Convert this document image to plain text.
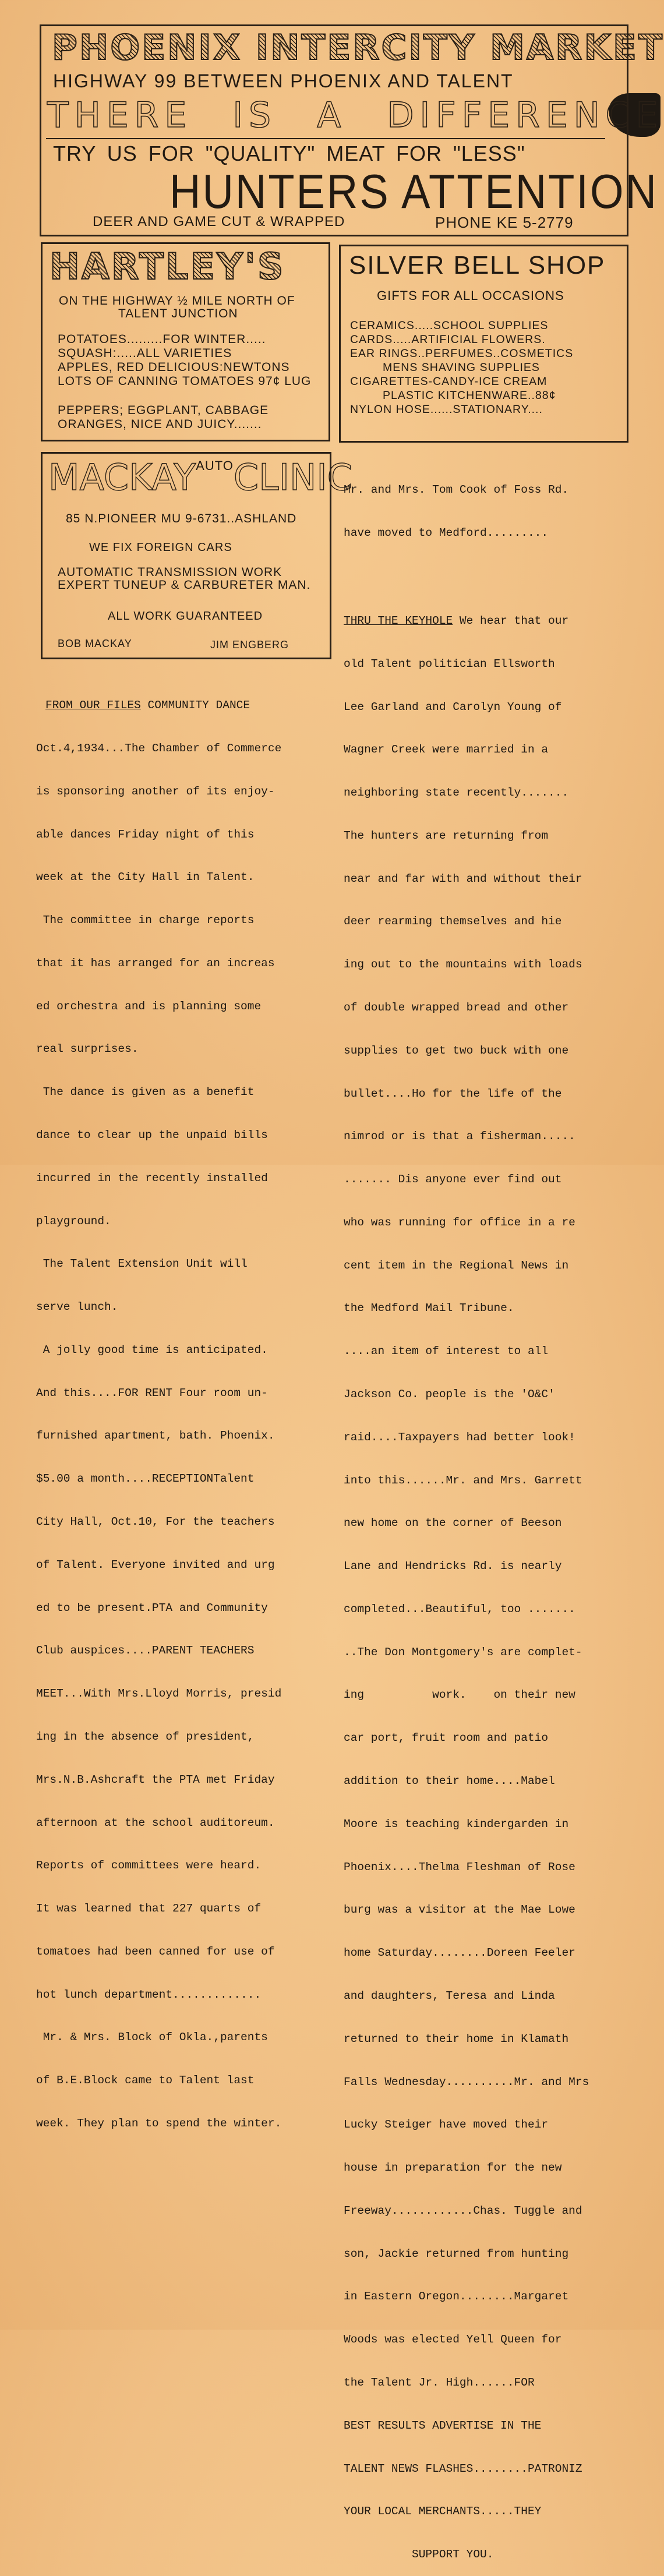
PHOENIX INTERCITY MARKET
HIGHWAY 99 BETWEEN PHOENIX AND TALENT
THERE IS A DIFFERENCE
TRY US FOR "QUALITY" MEAT FOR "LESS"
HUNTERS ATTENTION
DEER AND GAME CUT & WRAPPED	PHONE KE 5-2779
HARTLEY'S
ON THE HIGHWAY ½ MILE NORTH OF
TALENT JUNCTION
POTATOES.........FOR WINTER.....
SQUASH:.....ALL VARIETIES
APPLES, RED DELICIOUS:NEWTONS
LOTS OF CANNING TOMATOES 97¢ LUG
PEPPERS; EGGPLANT, CABBAGE
ORANGES, NICE AND JUICY.......
SILVER BELL SHOP
GIFTS FOR ALL OCCASIONS
CERAMICS.....SCHOOL SUPPLIES
CARDS.....ARTIFICIAL FLOWERS.
EAR RINGS..PERFUMES..COSMETICS
MENS SHAVING SUPPLIES
CIGARETTES-CANDY-ICE CREAM
PLASTIC KITCHENWARE..88¢
NYLON HOSE......STATIONARY....
MACKAYAUTOCLINIC
85 N.PIONEER MU 9-6731..ASHLAND
WE FIX FOREIGN CARS
AUTOMATIC TRANSMISSION WORK
EXPERT TUNEUP & CARBURETER MAN.
ALL WORK GUARANTEED
BOB MACKAY	JIM ENGBERG

FROM OUR FILES COMMUNITY DANCE

Oct.4,1934...The Chamber of Commerce

is sponsoring another of its enjoy-

able dances Friday night of this

week at the City Hall in Talent.

The committee in charge reports

that it has arranged for an increas

ed orchestra and is planning some

real surprises.

The dance is given as a benefit

dance to clear up the unpaid bills

incurred in the recently installed

playground.

The Talent Extension Unit will

serve lunch.

A jolly good time is anticipated.

And this....FOR RENT Four room un-

furnished apartment, bath. Phoenix.

$5.00 a month....RECEPTIONTalent

City Hall, Oct.10, For the teachers

of Talent. Everyone invited and urg

ed to be present.PTA and Community

Club auspices....PARENT TEACHERS

MEET...With Mrs.Lloyd Morris, presid

ing in the absence of president,

Mrs.N.B.Ashcraft the PTA met Friday

afternoon at the school auditoreum.

Reports of committees were heard.

It was learned that 227 quarts of

tomatoes had been canned for use of

hot lunch department.............

Mr. & Mrs. Block of Okla.,parents

of B.E.Block came to Talent last

week. They plan to spend the winter.

Mr. and Mrs. Tom Cook of Foss Rd.

have moved to Medford.........

THRU THE KEYHOLE We hear that our

old Talent politician Ellsworth

Lee Garland and Carolyn Young of

Wagner Creek were married in a

neighboring state recently.......

The hunters are returning from

near and far with and without their

deer rearming themselves and hie

ing out to the mountains with loads

of double wrapped bread and other

supplies to get two buck with one

bullet....Ho for the life of the

nimrod or is that a fisherman.....

....... Dis anyone ever find out

who was running for office in a re

cent item in the Regional News in

the Medford Mail Tribune.

....an item of interest to all

Jackson Co. people is the 'O&C'

raid....Taxpayers had better look!

into this......Mr. and Mrs. Garrett

new home on the corner of Beeson

Lane and Hendricks Rd. is nearly

completed...Beautiful, too .......

..The Don Montgomery's are complet-

ing          work.    on their new

car port, fruit room and patio

addition to their home....Mabel

Moore is teaching kindergarden in

Phoenix....Thelma Fleshman of Rose

burg was a visitor at the Mae Lowe

home Saturday........Doreen Feeler

and daughters, Teresa and Linda

returned to their home in Klamath

Falls Wednesday..........Mr. and Mrs

Lucky Steiger have moved their

house in preparation for the new

Freeway............Chas. Tuggle and

son, Jackie returned from hunting

in Eastern Oregon........Margaret

Woods was elected Yell Queen for

the Talent Jr. High......FOR

BEST RESULTS ADVERTISE IN THE

TALENT NEWS FLASHES........PATRONIZ

YOUR LOCAL MERCHANTS.....THEY

SUPPORT YOU.
